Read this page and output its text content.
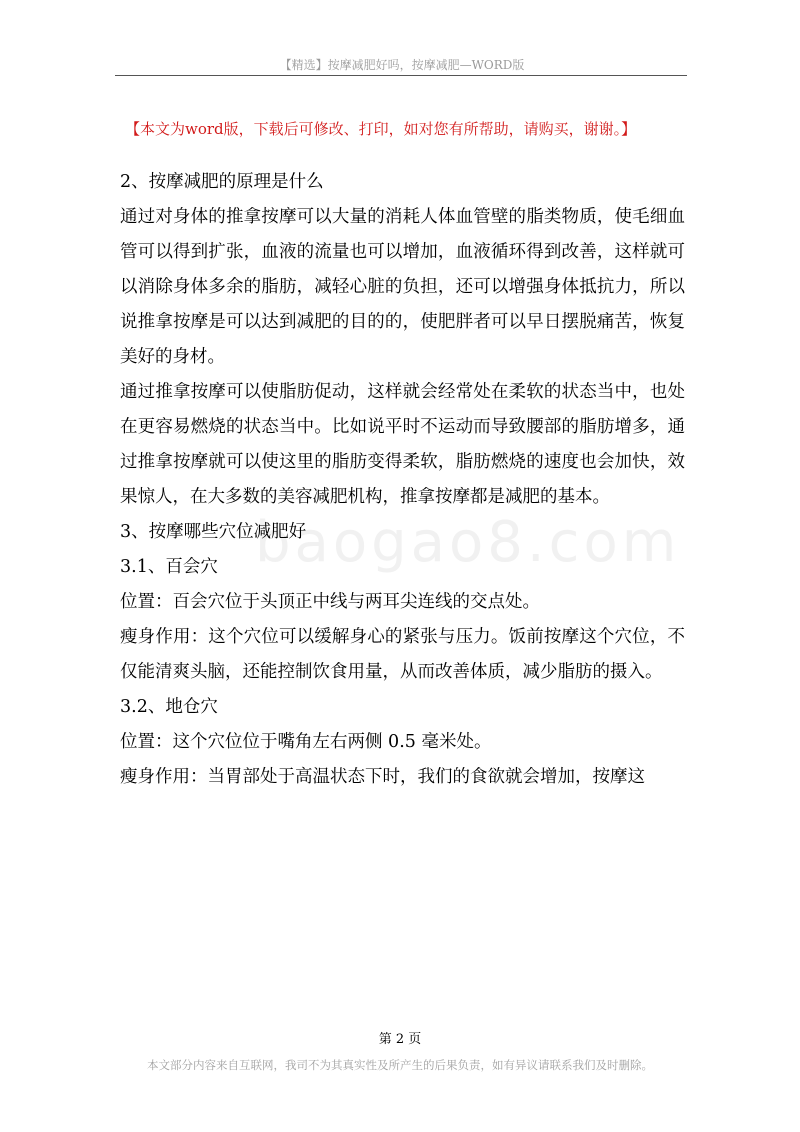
【精选】按摩减肥好吗，按摩减肥—WORD版
baogao8.com
【本文为word版，下载后可修改、打印，如对您有所帮助，请购买，谢谢。】

2、按摩减肥的原理是什么

通过对身体的推拿按摩可以大量的消耗人体血管壁的脂类物质，使毛细血管可以得到扩张，血液的流量也可以增加，血液循环得到改善，这样就可以消除身体多余的脂肪，减轻心脏的负担，还可以增强身体抵抗力，所以说推拿按摩是可以达到减肥的目的的，使肥胖者可以早日摆脱痛苦，恢复美好的身材。

通过推拿按摩可以使脂肪促动，这样就会经常处在柔软的状态当中，也处在更容易燃烧的状态当中。比如说平时不运动而导致腰部的脂肪增多，通过推拿按摩就可以使这里的脂肪变得柔软，脂肪燃烧的速度也会加快，效果惊人，在大多数的美容减肥机构，推拿按摩都是减肥的基本。

3、按摩哪些穴位减肥好

3.1、百会穴

位置：百会穴位于头顶正中线与两耳尖连线的交点处。

瘦身作用：这个穴位可以缓解身心的紧张与压力。饭前按摩这个穴位，不仅能清爽头脑，还能控制饮食用量，从而改善体质，减少脂肪的摄入。

3.2、地仓穴

位置：这个穴位位于嘴角左右两侧 0.5 毫米处。

瘦身作用：当胃部处于高温状态下时，我们的食欲就会增加，按摩这

第 2 页
本文部分内容来自互联网，我司不为其真实性及所产生的后果负责，如有异议请联系我们及时删除。
